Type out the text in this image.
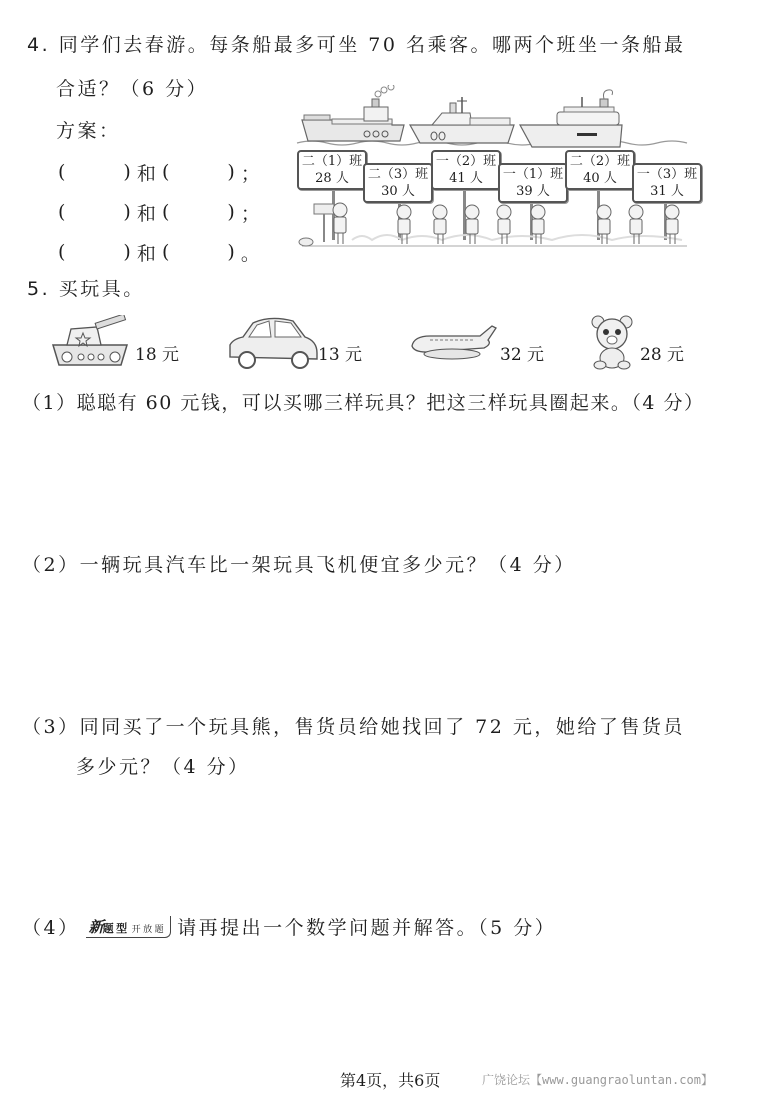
4. 同学们去春游。每条船最多可坐 70 名乘客。哪两个班坐一条船最
合适？（6 分）
方案：
(	)
和
(	)
；
(	)
和
(	)
；
(	)
和
(	)
。
二（1）班
28 人	二（3）班
30 人
一（2）班
41 人	一（1）班
39 人
二（2）班
40 人	一（3）班
31 人
5. 买玩具。
18 元	13 元	32 元	28 元
（1）聪聪有 60 元钱，可以买哪三样玩具？把这三样玩具圈起来。（4 分）
（2）一辆玩具汽车比一架玩具飞机便宜多少元？（4 分）
（3）同同买了一个玩具熊，售货员给她找回了 72 元，她给了售货员
多少元？（4 分）
（4） 新 题型 开放题 请再提出一个数学问题并解答。（5 分）
第4页，共6页	广饶论坛【www.guangraoluntan.com】
